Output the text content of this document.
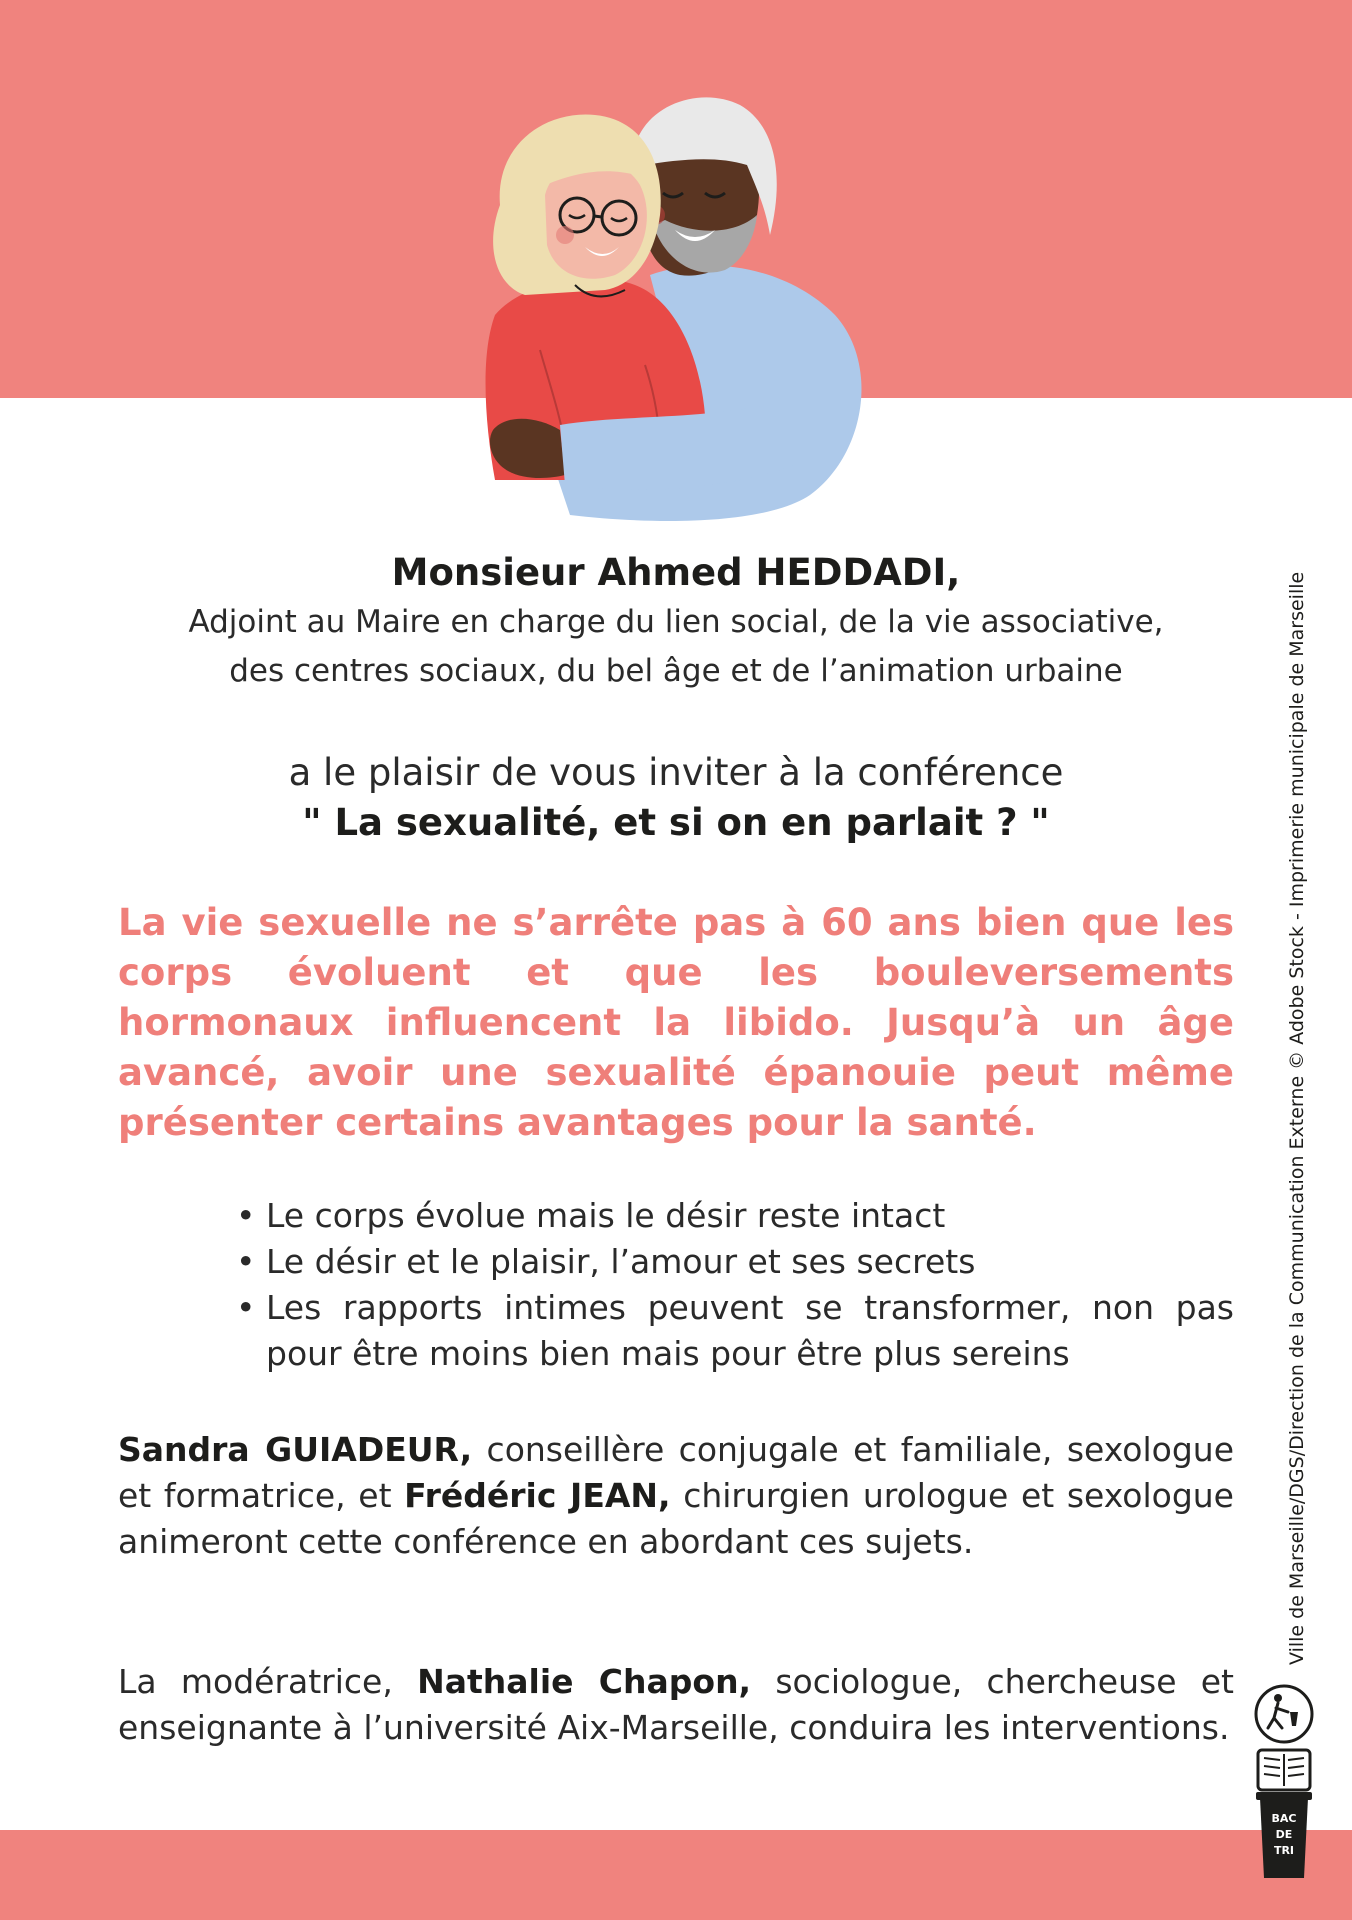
Monsieur Ahmed HEDDADI,

Adjoint au Maire en charge du lien social, de la vie associative,

des centres sociaux, du bel âge et de l’animation urbaine

a le plaisir de vous inviter à la conférence

" La sexualité, et si on en parlait ? "

La vie sexuelle ne s’arrête pas à 60 ans bien que les corps évoluent et que les bouleversements hormonaux influencent la libido. Jusqu’à un âge avancé, avoir une sexualité épanouie peut même présenter certains avantages pour la santé.

• Le corps évolue mais le désir reste intact
• Le désir et le plaisir, l’amour et ses secrets
• Les rapports intimes peuvent se transformer, non pas pour être moins bien mais pour être plus sereins

Sandra GUIADEUR, conseillère conjugale et familiale, sexologue et formatrice, et Frédéric JEAN, chirurgien urologue et sexologue animeront cette conférence en abordant ces sujets.

La modératrice, Nathalie Chapon, sociologue, chercheuse et enseignante à l’université Aix-Marseille, conduira les interventions.

Ville de Marseille/DGS/Direction de la Communication Externe © Adobe Stock - Imprimerie municipale de Marseille
BAC
DE
TRI
